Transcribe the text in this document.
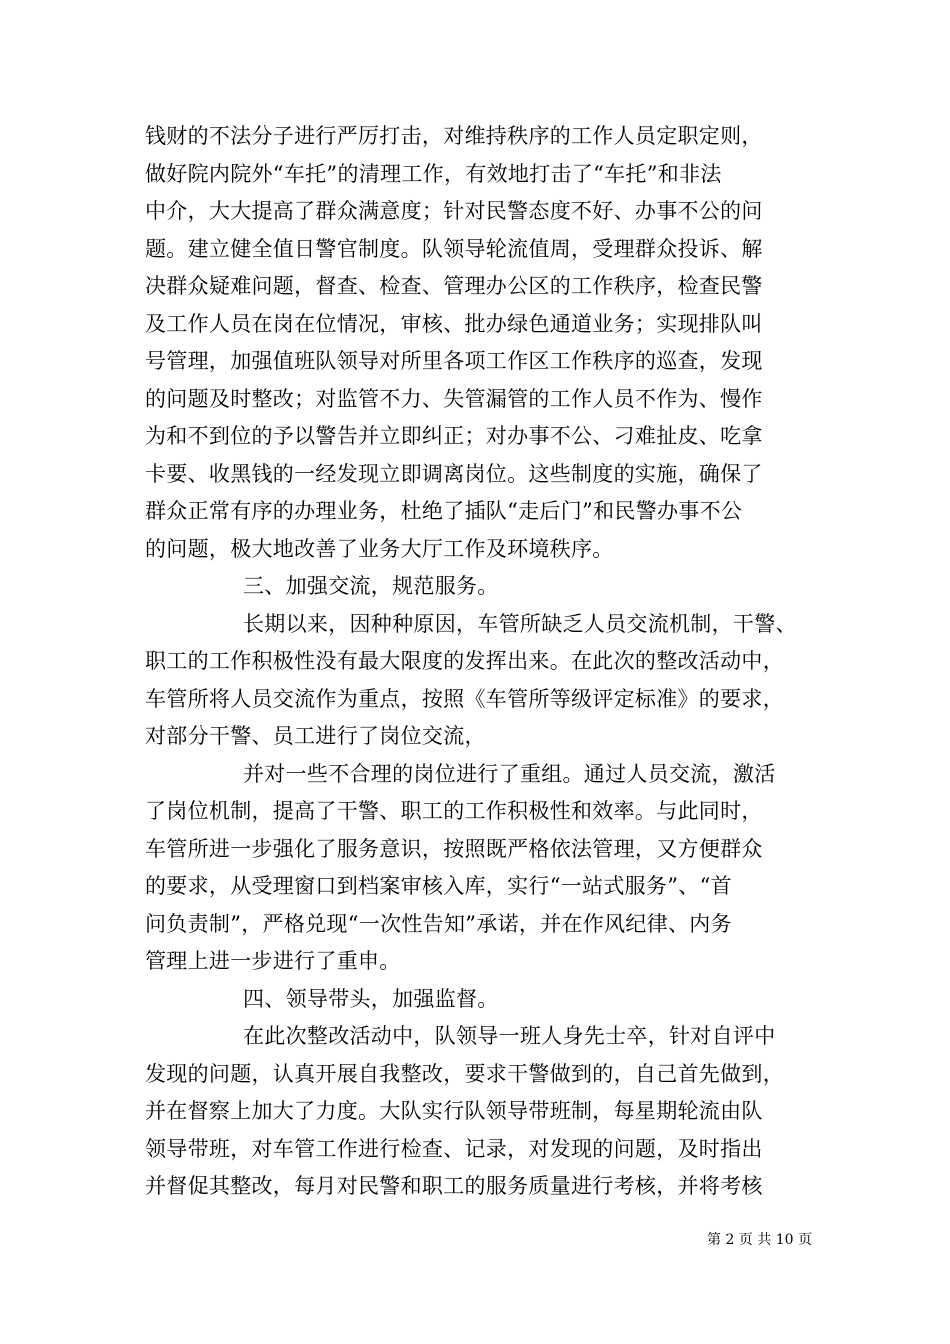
钱财的不法分子进行严厉打击，对维持秩序的工作人员定职定则，
做好院内院外“车托”的清理工作，有效地打击了“车托”和非法
中介，大大提高了群众满意度；针对民警态度不好、办事不公的问
题。建立健全值日警官制度。队领导轮流值周，受理群众投诉、解
决群众疑难问题，督查、检查、管理办公区的工作秩序，检查民警
及工作人员在岗在位情况，审核、批办绿色通道业务；实现排队叫
号管理，加强值班队领导对所里各项工作区工作秩序的巡查，发现
的问题及时整改；对监管不力、失管漏管的工作人员不作为、慢作
为和不到位的予以警告并立即纠正；对办事不公、刁难扯皮、吃拿
卡要、收黑钱的一经发现立即调离岗位。这些制度的实施，确保了
群众正常有序的办理业务，杜绝了插队“走后门”和民警办事不公
的问题，极大地改善了业务大厅工作及环境秩序。
三、加强交流，规范服务。
长期以来，因种种原因，车管所缺乏人员交流机制，干警、
职工的工作积极性没有最大限度的发挥出来。在此次的整改活动中，
车管所将人员交流作为重点，按照《车管所等级评定标准》的要求，
对部分干警、员工进行了岗位交流，
并对一些不合理的岗位进行了重组。通过人员交流，激活
了岗位机制，提高了干警、职工的工作积极性和效率。与此同时，
车管所进一步强化了服务意识，按照既严格依法管理，又方便群众
的要求，从受理窗口到档案审核入库，实行“一站式服务”、“首
问负责制”，严格兑现“一次性告知”承诺，并在作风纪律、内务
管理上进一步进行了重申。
四、领导带头，加强监督。
在此次整改活动中，队领导一班人身先士卒，针对自评中
发现的问题，认真开展自我整改，要求干警做到的，自己首先做到，
并在督察上加大了力度。大队实行队领导带班制，每星期轮流由队
领导带班，对车管工作进行检查、记录，对发现的问题，及时指出
并督促其整改，每月对民警和职工的服务质量进行考核，并将考核
第 2 页 共 10 页
